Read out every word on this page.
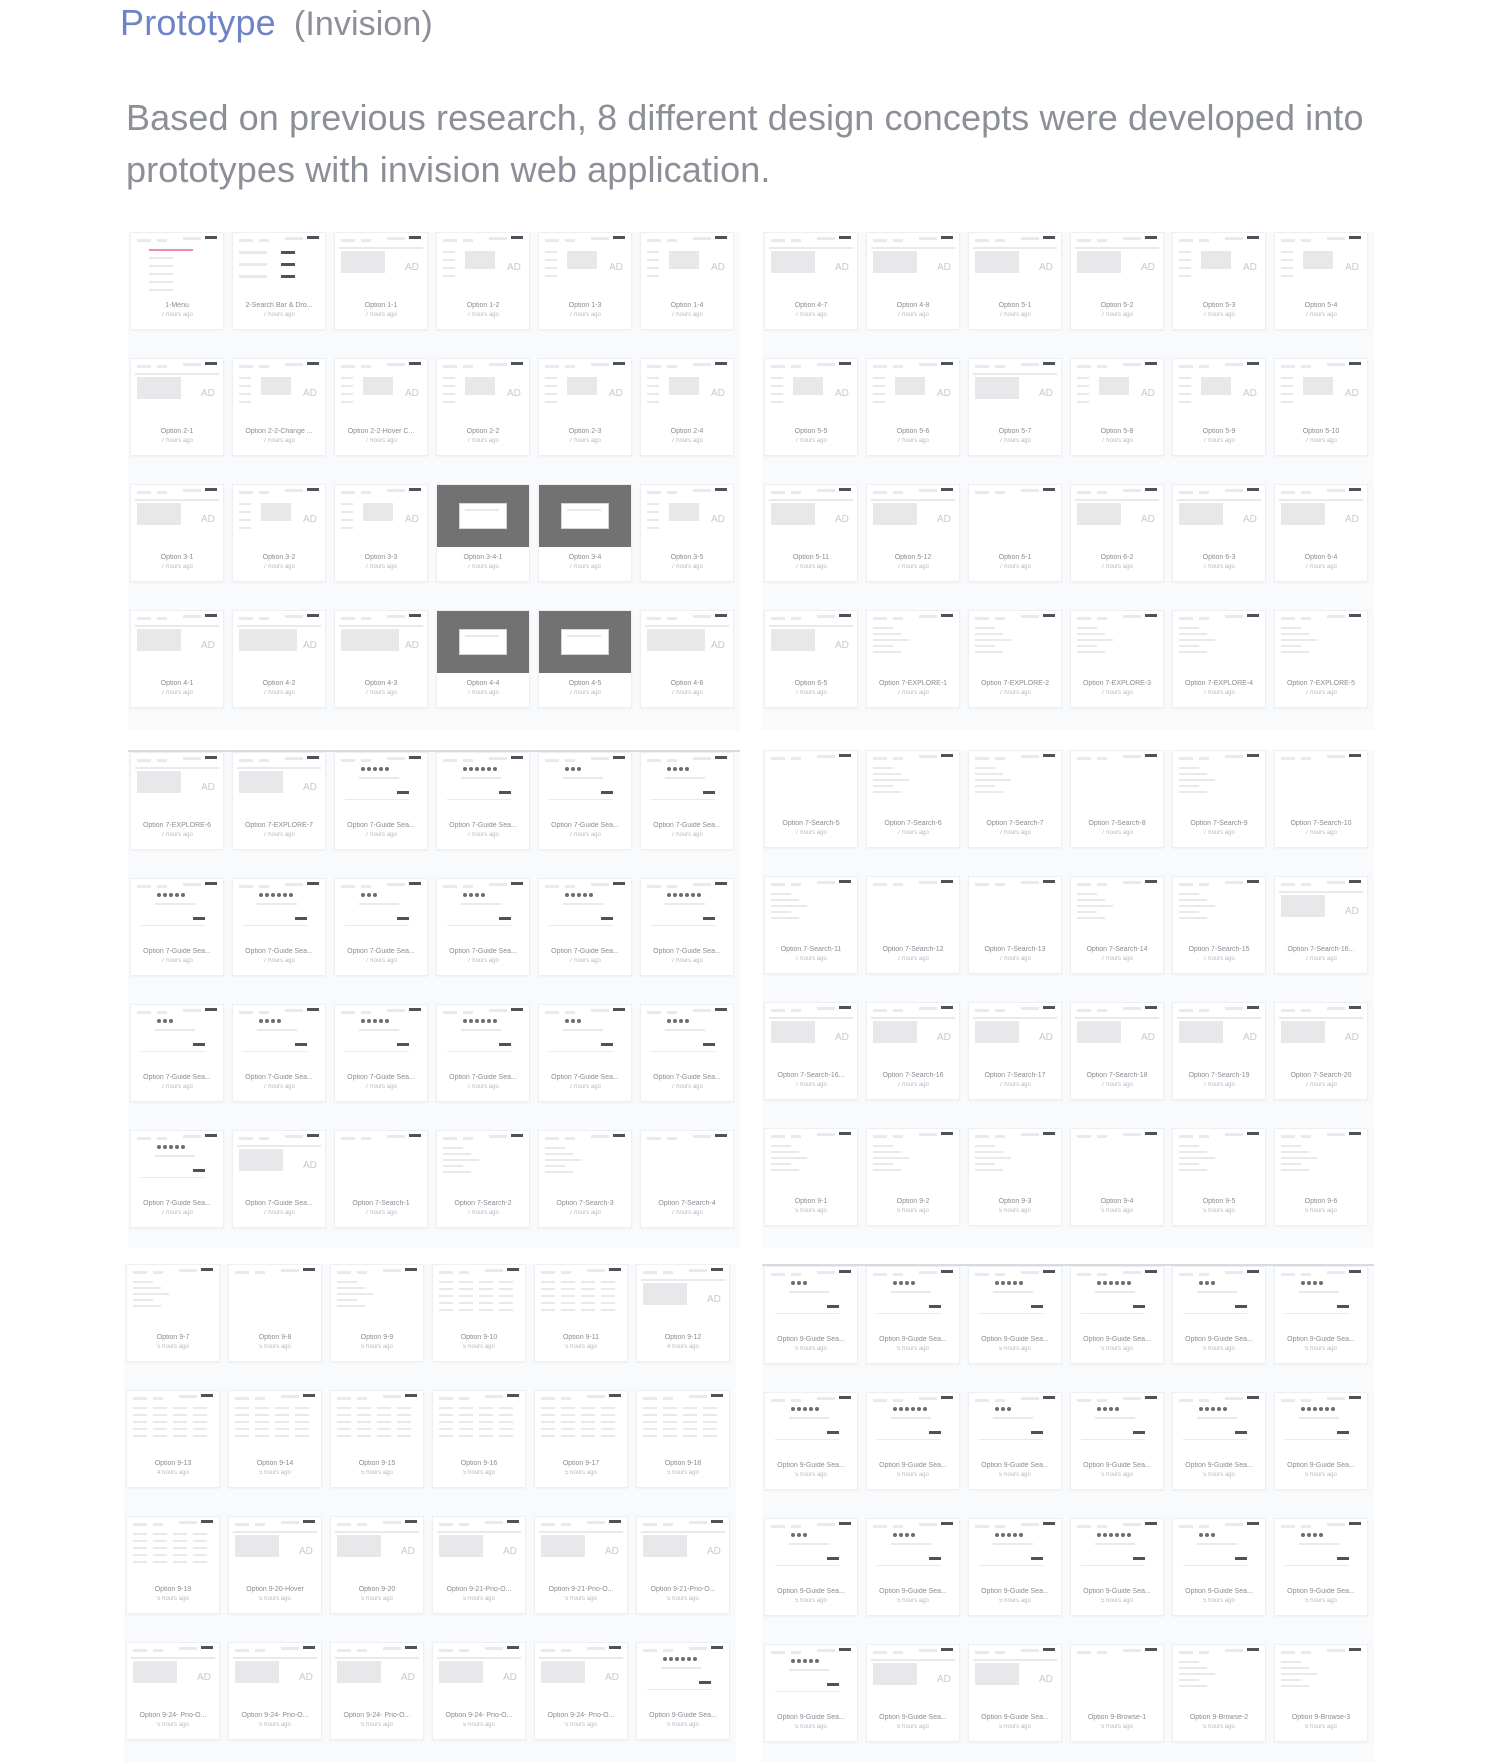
Prototype (Invision)
Based on previous research, 8 different design concepts were developed into prototypes with invision web application.
1-Menu
7 hours ago
2-Search Bar & Dro...
7 hours ago
AD
Option 1-1
7 hours ago
AD
Option 1-2
7 hours ago
AD
Option 1-3
7 hours ago
AD
Option 1-4
7 hours ago
AD
Option 2-1
7 hours ago
AD
Option 2-2-Change ...
7 hours ago
AD
Option 2-2-Hover C...
7 hours ago
AD
Option 2-2
7 hours ago
AD
Option 2-3
7 hours ago
AD
Option 2-4
7 hours ago
AD
Option 3-1
7 hours ago
AD
Option 3-2
7 hours ago
AD
Option 3-3
7 hours ago
Option 3-4-1
7 hours ago
Option 3-4
7 hours ago
AD
Option 3-5
7 hours ago
AD
Option 4-1
7 hours ago
AD
Option 4-2
7 hours ago
AD
Option 4-3
7 hours ago
Option 4-4
7 hours ago
Option 4-5
7 hours ago
AD
Option 4-6
7 hours ago
AD
Option 4-7
7 hours ago
AD
Option 4-8
7 hours ago
AD
Option 5-1
7 hours ago
AD
Option 5-2
7 hours ago
AD
Option 5-3
7 hours ago
AD
Option 5-4
7 hours ago
AD
Option 5-5
7 hours ago
AD
Option 5-6
7 hours ago
AD
Option 5-7
7 hours ago
AD
Option 5-8
7 hours ago
AD
Option 5-9
7 hours ago
AD
Option 5-10
7 hours ago
AD
Option 5-11
7 hours ago
AD
Option 5-12
7 hours ago
Option 6-1
7 hours ago
AD
Option 6-2
7 hours ago
AD
Option 6-3
7 hours ago
AD
Option 6-4
7 hours ago
AD
Option 6-5
7 hours ago
Option 7-EXPLORE-1
7 hours ago
Option 7-EXPLORE-2
7 hours ago
Option 7-EXPLORE-3
7 hours ago
Option 7-EXPLORE-4
7 hours ago
Option 7-EXPLORE-5
7 hours ago
AD
Option 7-EXPLORE-6
7 hours ago
AD
Option 7-EXPLORE-7
7 hours ago
Option 7-Guide Sea...
7 hours ago
Option 7-Guide Sea...
7 hours ago
Option 7-Guide Sea...
7 hours ago
Option 7-Guide Sea...
7 hours ago
Option 7-Guide Sea...
7 hours ago
Option 7-Guide Sea...
7 hours ago
Option 7-Guide Sea...
7 hours ago
Option 7-Guide Sea...
7 hours ago
Option 7-Guide Sea...
7 hours ago
Option 7-Guide Sea...
7 hours ago
Option 7-Guide Sea...
7 hours ago
Option 7-Guide Sea...
7 hours ago
Option 7-Guide Sea...
7 hours ago
Option 7-Guide Sea...
7 hours ago
Option 7-Guide Sea...
7 hours ago
Option 7-Guide Sea...
7 hours ago
Option 7-Guide Sea...
7 hours ago
AD
Option 7-Guide Sea...
7 hours ago
Option 7-Search-1
7 hours ago
Option 7-Search-2
7 hours ago
Option 7-Search-3
7 hours ago
Option 7-Search-4
7 hours ago
Option 7-Search-5
7 hours ago
Option 7-Search-6
7 hours ago
Option 7-Search-7
7 hours ago
Option 7-Search-8
7 hours ago
Option 7-Search-9
7 hours ago
Option 7-Search-10
7 hours ago
Option 7-Search-11
7 hours ago
Option 7-Search-12
7 hours ago
Option 7-Search-13
7 hours ago
Option 7-Search-14
7 hours ago
Option 7-Search-15
7 hours ago
AD
Option 7-Search-16...
7 hours ago
AD
Option 7-Search-16...
7 hours ago
AD
Option 7-Search-16
7 hours ago
AD
Option 7-Search-17
7 hours ago
AD
Option 7-Search-18
7 hours ago
AD
Option 7-Search-19
7 hours ago
AD
Option 7-Search-20
7 hours ago
Option 9-1
5 hours ago
Option 9-2
5 hours ago
Option 9-3
5 hours ago
Option 9-4
5 hours ago
Option 9-5
5 hours ago
Option 9-6
5 hours ago
Option 9-7
5 hours ago
Option 9-8
5 hours ago
Option 9-9
5 hours ago
Option 9-10
5 hours ago
Option 9-11
5 hours ago
AD
Option 9-12
4 hours ago
Option 9-13
4 hours ago
Option 9-14
5 hours ago
Option 9-15
5 hours ago
Option 9-16
5 hours ago
Option 9-17
5 hours ago
Option 9-18
5 hours ago
Option 9-19
5 hours ago
AD
Option 9-20-Hover
5 hours ago
AD
Option 9-20
5 hours ago
AD
Option 9-21-Prio-O...
5 hours ago
AD
Option 9-21-Prio-O...
5 hours ago
AD
Option 9-21-Prio-O...
5 hours ago
AD
Option 9-24- Prio-O...
5 hours ago
AD
Option 9-24- Prio-O...
5 hours ago
AD
Option 9-24- Prio-O...
5 hours ago
AD
Option 9-24- Prio-O...
5 hours ago
AD
Option 9-24- Prio-O...
5 hours ago
Option 9-Guide Sea...
5 hours ago
Option 9-Guide Sea...
5 hours ago
Option 9-Guide Sea...
5 hours ago
Option 9-Guide Sea...
5 hours ago
Option 9-Guide Sea...
5 hours ago
Option 9-Guide Sea...
5 hours ago
Option 9-Guide Sea...
5 hours ago
Option 9-Guide Sea...
5 hours ago
Option 9-Guide Sea...
5 hours ago
Option 9-Guide Sea...
5 hours ago
Option 9-Guide Sea...
5 hours ago
Option 9-Guide Sea...
5 hours ago
Option 9-Guide Sea...
5 hours ago
Option 9-Guide Sea...
5 hours ago
Option 9-Guide Sea...
5 hours ago
Option 9-Guide Sea...
5 hours ago
Option 9-Guide Sea...
5 hours ago
Option 9-Guide Sea...
5 hours ago
Option 9-Guide Sea...
5 hours ago
Option 9-Guide Sea...
5 hours ago
AD
Option 9-Guide Sea...
5 hours ago
AD
Option 9-Guide Sea...
5 hours ago
Option 9-Browse-1
5 hours ago
Option 9-Browse-2
5 hours ago
Option 9-Browse-3
5 hours ago
